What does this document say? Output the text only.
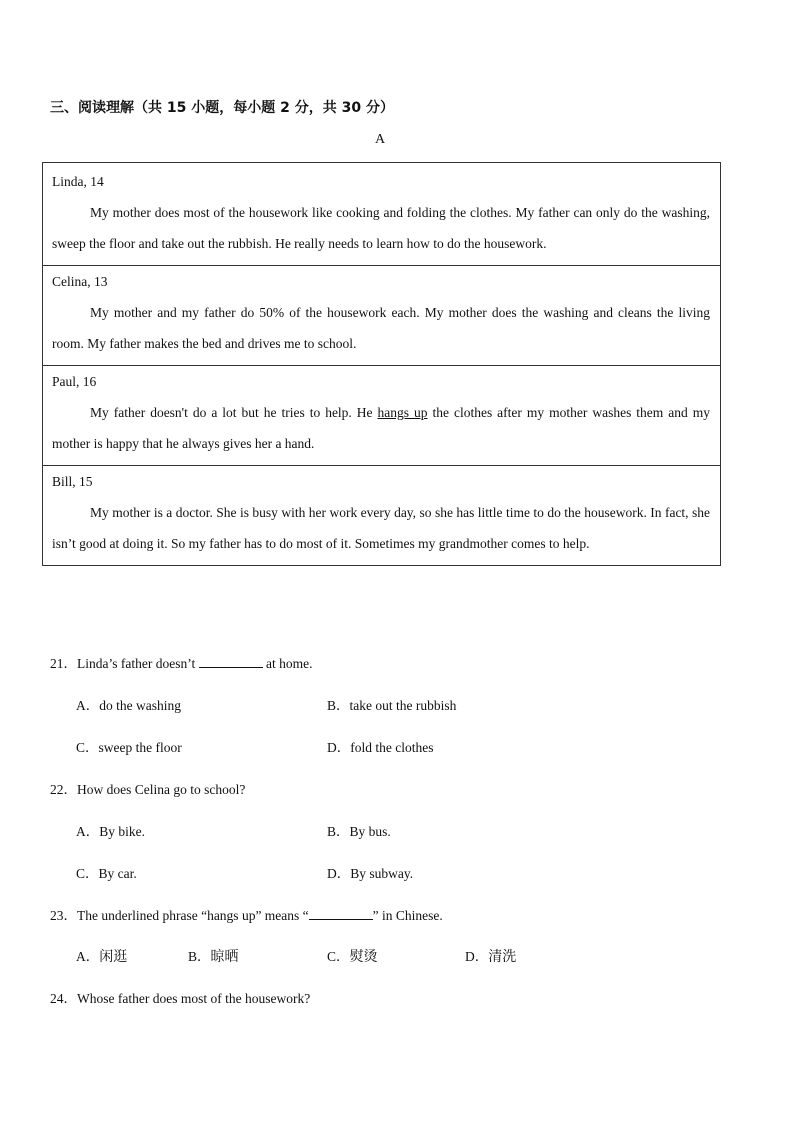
三、阅读理解（共 15 小题，每小题 2 分，共 30 分）
A
Linda, 14
My mother does most of the housework like cooking and folding the clothes. My father can only do the washing, sweep the floor and take out the rubbish. He really needs to learn how to do the housework.
Celina, 13
My mother and my father do 50% of the housework each. My mother does the washing and cleans the living room. My father makes the bed and drives me to school.
Paul, 16
My father doesn't do a lot but he tries to help. He hangs up the clothes after my mother washes them and my mother is happy that he always gives her a hand.
Bill, 15
My mother is a doctor. She is busy with her work every day, so she has little time to do the housework. In fact, she isn’t good at doing it. So my father has to do most of it. Sometimes my grandmother comes to help.
21．Linda’s father doesn’t	at home.
A．do the washing	B．take out the rubbish
C．sweep the floor	D．fold the clothes
22．How does Celina go to school?
A．By bike.	B．By bus.
C．By car.	D．By subway.
23．The underlined phrase “hangs up” means “	” in Chinese.
A．闲逛	B．晾晒	C．熨烫	D．清洗
24．Whose father does most of the housework?
